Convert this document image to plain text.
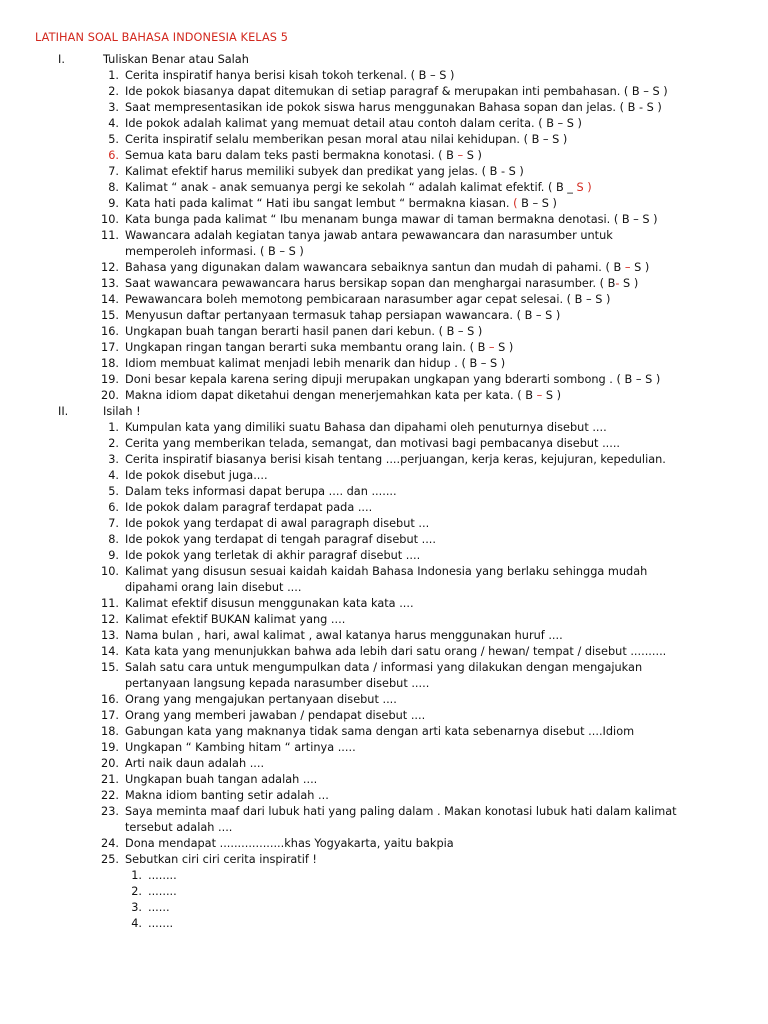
LATIHAN SOAL BAHASA INDONESIA KELAS 5
I.	Tuliskan Benar atau Salah
1. Cerita inspiratif hanya berisi kisah tokoh terkenal. ( B – S )
2. Ide pokok biasanya dapat ditemukan di setiap paragraf & merupakan inti pembahasan. ( B – S )
3. Saat mempresentasikan ide pokok siswa harus menggunakan Bahasa sopan dan jelas. ( B - S )
4. Ide pokok adalah kalimat yang memuat detail atau contoh dalam cerita. ( B – S )
5. Cerita inspiratif selalu memberikan pesan moral atau nilai kehidupan. ( B – S )
6. Semua kata baru dalam teks pasti bermakna konotasi. ( B – S )
7. Kalimat efektif harus memiliki subyek dan predikat yang jelas. ( B - S )
8. Kalimat “ anak - anak semuanya pergi ke sekolah “ adalah kalimat efektif. ( B _ S )
9. Kata hati pada kalimat “ Hati ibu sangat lembut “ bermakna kiasan. ( B – S )
10. Kata bunga pada kalimat “ Ibu menanam bunga mawar di taman bermakna denotasi. ( B – S )
11. Wawancara adalah kegiatan tanya jawab antara pewawancara dan narasumber untuk
memperoleh informasi. ( B – S )
12. Bahasa yang digunakan dalam wawancara sebaiknya santun dan mudah di pahami. ( B – S )
13. Saat wawancara pewawancara harus bersikap sopan dan menghargai narasumber. ( B- S )
14. Pewawancara boleh memotong pembicaraan narasumber agar cepat selesai. ( B – S )
15. Menyusun daftar pertanyaan termasuk tahap persiapan wawancara. ( B – S )
16. Ungkapan buah tangan berarti hasil panen dari kebun. ( B – S )
17. Ungkapan ringan tangan berarti suka membantu orang lain. ( B – S )
18. Idiom membuat kalimat menjadi lebih menarik dan hidup . ( B – S )
19. Doni besar kepala karena sering dipuji merupakan ungkapan yang bderarti sombong . ( B – S )
20. Makna idiom dapat diketahui dengan menerjemahkan kata per kata. ( B – S )
II.	Isilah !
1. Kumpulan kata yang dimiliki suatu Bahasa dan dipahami oleh penuturnya disebut ....
2. Cerita yang memberikan telada, semangat, dan motivasi bagi pembacanya disebut .....
3. Cerita inspiratif biasanya berisi kisah tentang ....perjuangan, kerja keras, kejujuran, kepedulian.
4. Ide pokok disebut juga....
5. Dalam teks informasi dapat berupa .... dan .......
6. Ide pokok dalam paragraf terdapat pada ....
7. Ide pokok yang terdapat di awal paragraph disebut ...
8. Ide pokok yang terdapat di tengah paragraf disebut ....
9. Ide pokok yang terletak di akhir paragraf disebut ....
10. Kalimat yang disusun sesuai kaidah kaidah Bahasa Indonesia yang berlaku sehingga mudah
dipahami orang lain disebut ....
11. Kalimat efektif disusun menggunakan kata kata ....
12. Kalimat efektif BUKAN kalimat yang ....
13. Nama bulan , hari, awal kalimat , awal katanya harus menggunakan huruf ....
14. Kata kata yang menunjukkan bahwa ada lebih dari satu orang / hewan/ tempat / disebut ..........
15. Salah satu cara untuk mengumpulkan data / informasi yang dilakukan dengan mengajukan
pertanyaan langsung kepada narasumber disebut .....
16. Orang yang mengajukan pertanyaan disebut ....
17. Orang yang memberi jawaban / pendapat disebut ....
18. Gabungan kata yang maknanya tidak sama dengan arti kata sebenarnya disebut ....Idiom
19. Ungkapan “ Kambing hitam “ artinya .....
20. Arti naik daun adalah ....
21. Ungkapan buah tangan adalah ....
22. Makna idiom banting setir adalah ...
23. Saya meminta maaf dari lubuk hati yang paling dalam . Makan konotasi lubuk hati dalam kalimat
tersebut adalah ....
24. Dona mendapat ..................khas Yogyakarta, yaitu bakpia
25. Sebutkan ciri ciri cerita inspiratif !
1. ........
2. ........
3. ......
4. .......
